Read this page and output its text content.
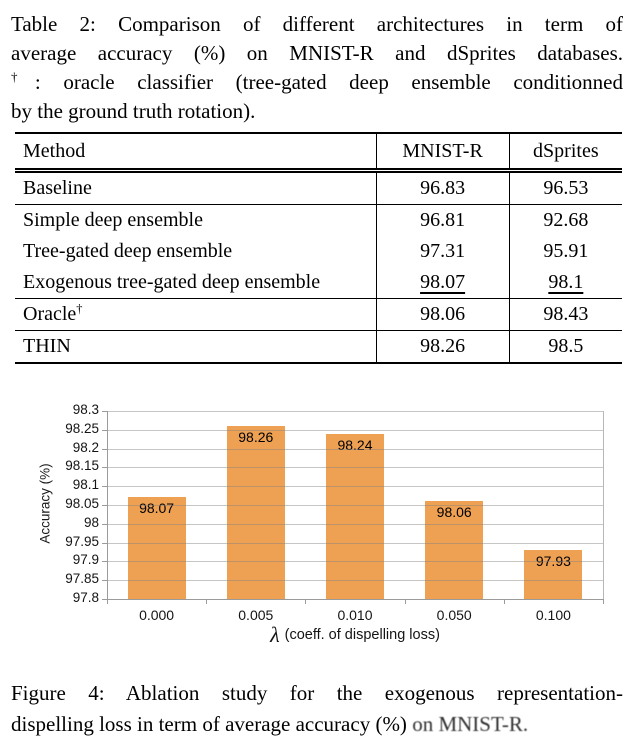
Table 2: Comparison of different architectures in term of
average accuracy (%) on MNIST-R and dSprites databases.
†: oracle classifier (tree-gated deep ensemble conditionned
by the ground truth rotation).
Method	MNIST-R	dSprites
Baseline	96.83	96.53
Simple deep ensemble	96.81	92.68
Tree-gated deep ensemble	97.31	95.91
Exogenous tree-gated deep ensemble	98.07	98.1
Oracle†	98.06	98.43
THIN	98.26	98.5
Accuracy (%)
λ (coeff. of dispelling loss)
98.07
98.26	98.24
98.06
97.93
98.3
98.25
98.2
98.15
98.1
98.05
98
97.95
97.9
97.85
97.8
0.000	0.005	0.010	0.050	0.100
Figure 4: Ablation study for the exogenous representation-
dispelling loss in term of average accuracy (%) on MNIST-R.
